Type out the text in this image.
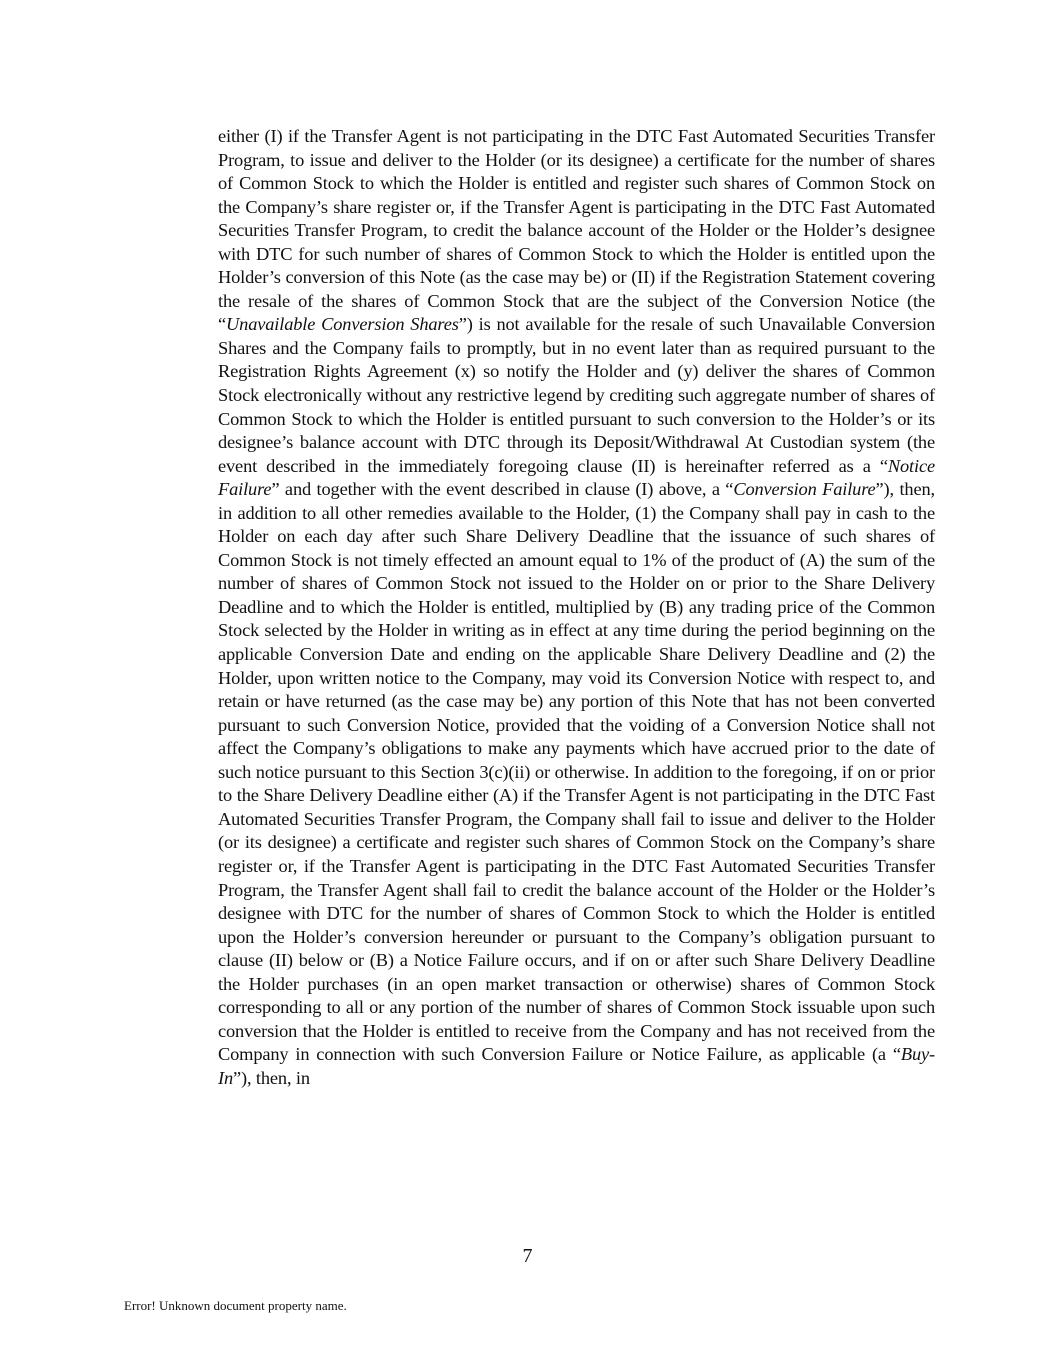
either (I) if the Transfer Agent is not participating in the DTC Fast Automated Securities Transfer Program, to issue and deliver to the Holder (or its designee) a certificate for the number of shares of Common Stock to which the Holder is entitled and register such shares of Common Stock on the Company’s share register or, if the Transfer Agent is participating in the DTC Fast Automated Securities Transfer Program, to credit the balance account of the Holder or the Holder’s designee with DTC for such number of shares of Common Stock to which the Holder is entitled upon the Holder’s conversion of this Note (as the case may be) or (II) if the Registration Statement covering the resale of the shares of Common Stock that are the subject of the Conversion Notice (the “Unavailable Conversion Shares”) is not available for the resale of such Unavailable Conversion Shares and the Company fails to promptly, but in no event later than as required pursuant to the Registration Rights Agreement (x) so notify the Holder and (y) deliver the shares of Common Stock electronically without any restrictive legend by crediting such aggregate number of shares of Common Stock to which the Holder is entitled pursuant to such conversion to the Holder’s or its designee’s balance account with DTC through its Deposit/Withdrawal At Custodian system (the event described in the immediately foregoing clause (II) is hereinafter referred as a “Notice Failure” and together with the event described in clause (I) above, a “Conversion Failure”), then, in addition to all other remedies available to the Holder, (1) the Company shall pay in cash to the Holder on each day after such Share Delivery Deadline that the issuance of such shares of Common Stock is not timely effected an amount equal to 1% of the product of (A) the sum of the number of shares of Common Stock not issued to the Holder on or prior to the Share Delivery Deadline and to which the Holder is entitled, multiplied by (B) any trading price of the Common Stock selected by the Holder in writing as in effect at any time during the period beginning on the applicable Conversion Date and ending on the applicable Share Delivery Deadline and (2) the Holder, upon written notice to the Company, may void its Conversion Notice with respect to, and retain or have returned (as the case may be) any portion of this Note that has not been converted pursuant to such Conversion Notice, provided that the voiding of a Conversion Notice shall not affect the Company’s obligations to make any payments which have accrued prior to the date of such notice pursuant to this Section 3(c)(ii) or otherwise. In addition to the foregoing, if on or prior to the Share Delivery Deadline either (A) if the Transfer Agent is not participating in the DTC Fast Automated Securities Transfer Program, the Company shall fail to issue and deliver to the Holder (or its designee) a certificate and register such shares of Common Stock on the Company’s share register or, if the Transfer Agent is participating in the DTC Fast Automated Securities Transfer Program, the Transfer Agent shall fail to credit the balance account of the Holder or the Holder’s designee with DTC for the number of shares of Common Stock to which the Holder is entitled upon the Holder’s conversion hereunder or pursuant to the Company’s obligation pursuant to clause (II) below or (B) a Notice Failure occurs, and if on or after such Share Delivery Deadline the Holder purchases (in an open market transaction or otherwise) shares of Common Stock corresponding to all or any portion of the number of shares of Common Stock issuable upon such conversion that the Holder is entitled to receive from the Company and has not received from the Company in connection with such Conversion Failure or Notice Failure, as applicable (a “Buy-In”), then, in

7
Error! Unknown document property name.
